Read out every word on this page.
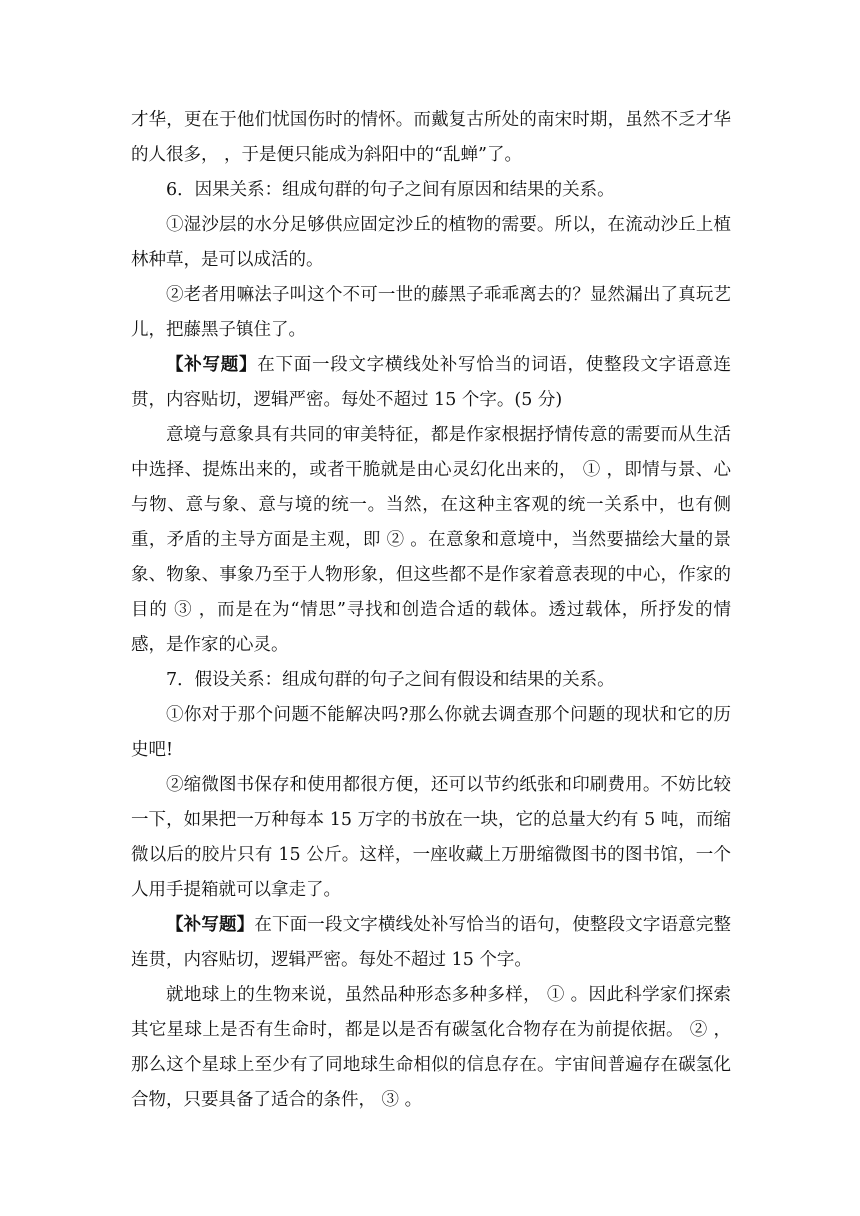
才华，更在于他们忧国伤时的情怀。而戴复古所处的南宋时期，虽然不乏才华的人很多， ，于是便只能成为斜阳中的“乱蝉”了。

6．因果关系：组成句群的句子之间有原因和结果的关系。

①湿沙层的水分足够供应固定沙丘的植物的需要。所以，在流动沙丘上植林种草，是可以成活的。

②老者用嘛法子叫这个不可一世的藤黑子乖乖离去的？显然漏出了真玩艺儿，把藤黑子镇住了。

【补写题】在下面一段文字横线处补写恰当的词语，使整段文字语意连贯，内容贴切，逻辑严密。每处不超过 15 个字。(5 分)

意境与意象具有共同的审美特征，都是作家根据抒情传意的需要而从生活中选择、提炼出来的，或者干脆就是由心灵幻化出来的， ① ，即情与景、心与物、意与象、意与境的统一。当然，在这种主客观的统一关系中，也有侧重，矛盾的主导方面是主观，即 ② 。在意象和意境中，当然要描绘大量的景象、物象、事象乃至于人物形象，但这些都不是作家着意表现的中心，作家的目的 ③ ，而是在为“情思”寻找和创造合适的载体。透过载体，所抒发的情感，是作家的心灵。

7．假设关系：组成句群的句子之间有假设和结果的关系。

①你对于那个问题不能解决吗?那么你就去调查那个问题的现状和它的历史吧!

②缩微图书保存和使用都很方便，还可以节约纸张和印刷费用。不妨比较一下，如果把一万种每本 15 万字的书放在一块，它的总量大约有 5 吨，而缩微以后的胶片只有 15 公斤。这样，一座收藏上万册缩微图书的图书馆，一个人用手提箱就可以拿走了。

【补写题】在下面一段文字横线处补写恰当的语句，使整段文字语意完整连贯，内容贴切，逻辑严密。每处不超过 15 个字。

就地球上的生物来说，虽然品种形态多种多样， ① 。因此科学家们探索其它星球上是否有生命时，都是以是否有碳氢化合物存在为前提依据。 ② ，那么这个星球上至少有了同地球生命相似的信息存在。宇宙间普遍存在碳氢化合物，只要具备了适合的条件， ③ 。
